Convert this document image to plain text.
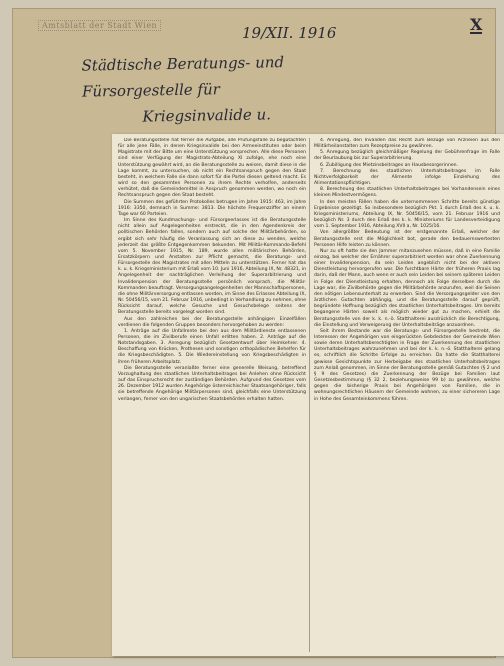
Amtsblatt der Stadt Wien	19/XII. 1916	X
Städtische Beratungs- und Fürsorgestelle für
Kriegsinvalide u.

Die Beratungsstelle hat ferner die Aufgabe, alle Prüfungsfälle zu begutachten für alle jene Fälle, in denen Kriegsinvalide bei den Armeeinstituten oder beim Magistrate mit der Bitte um eine Unterstützung vorsprechen. Alle diese Personen sind einer Verfügung der Magistrats-Abteilung XI zufolge, ehe noch eine Unterstützung gewährt wird, an die Beratungsstelle zu weisen, damit diese in die Lage kommt, zu untersuchen, ob nicht ein Rechtsanspruch gegen den Staat besteht, in welchem Falle sie dann sofort für die Partei diesen geltend macht. Es wird so den gesammten Personen zu ihrem Rechte verholfen, anderseits verhütet, daß die Gemeindemittel in Anspruch genommen werden, wo noch ein Rechtsanspruch gegen den Staat besteht.

Die Summen des geführten Protokolles betrugen im Jahre 1915: 463, im Jahre 1916: 3350, demnach in Summe: 3813. Die höchste Frequenzziffer an einem Tage war 60 Parteien.

Im Sinne des Kundmachungs- und Fürsorgeerlasses ist die Beratungsstelle nicht allein auf Angelegenheiten erstreckt, die in den Agendenkreis der politischen Behörden fallen, sondern auch auf solche der Militärbehörden, so ergibt sich sehr häufig die Veranlassung sich an diese zu wenden, welche jederzeit das größte Entgegenkommen bekunden. Mit Militär-Kommando-Befehl vom 5. November 1915, Nr. 189, wurde allen militärischen Behörden, Ersatzkörpern und Anstalten zur Pflicht gemacht, die Beratungs- und Fürsorgestelle des Magistrates mit allen Mitteln zu unterstützen. Ferner hat das k. u. k. Kriegsministerium mit Erlaß vom 10. Juni 1916, Abteilung IX, Nr. 48321, in Angelegenheit der nachträglichen Verleihung der Superarbitrierung und Invalidenpension der Beratungsstelle persönlich vorsprach, die Militär-Kommanden beauftragt. Versorgungsangelegenheiten der Mannschaftspersonen, die ohne Militärversorgung entlassen worden, im Sinne des Erlasses Abteilung IX, Nr. 50456/15, vom 21. Februar 1916, unbedingt in Verhandlung zu nehmen, ohne Rücksicht darauf, welche Gesuche und Gesuchsbelege seitens der Beratungsstelle bereits vorgelegt worden sind.

Aus den zahlreichen bei der Beratungsstelle anhängigen Einzelfällen verdienen die folgenden Gruppen besonders hervorgehoben zu werden:

1. Anträge auf die Unfallrente bei den aus dem Militärdienste entlassenen Personen, die im Zivilberufe einen Unfall erlitten haben. 2. Anträge auf die Notstandsgaben. 3. Anregung bezüglich Gesetzentwurf über Heimkehrer. 4. Beschaffung von Krücken, Prothesen und sonstigen orthopädischen Behelfen für die Kriegsbeschädigten. 5. Die Wiedereinstellung von Kriegsbeschädigten in ihren früheren Arbeitsplatz.

Die Beratungsstelle veranlaßte ferner eine generelle Weisung, betreffend Vorzughaltung des staatlichen Unterhaltsbeitrages bei Anlehen ohne Rücksicht auf das Einspruchsrecht der zuständigen Behörden. Aufgrund des Gesetzes vom 26. Dezember 1912 wurden Angehörige österreichischer Staatsangehöriger, falls sie betreffende Angehörige Militärpersonen sind, gleichfalls eine Unterstützung verlangen, ferner von den ungarischen Staatsbehörden erhalten hatten.

4. Anregung, den Invaliden das Recht zum Bezuge von Arzneien aus den Militärheilanstalten zum Rezeptpreise zu gewähren.

5. Anregung bezüglich gleichmäßiger Regelung der Gebührenfrage im Falle der Beurlaubung bis zur Superarbitrierung.

6. Zubilligung des Mietzinsbeitrages an Hausbesorgerinnen.

7. Berechnung des staatlichen Unterhaltsbeitrages im Falle Nichtverfolgbarkeit der Alimente infolge Einziehung des Alimentationspflichtigen.

8. Berechnung des staatlichen Unterhaltsbeitrages bei Vorhandensein eines kleinen Mindestvermögens.

In den meisten Fällen haben die unternommenen Schritte bereits günstige Ergebnisse gezeitigt. So insbesondere bezüglich Pkt. 1 durch Erlaß des k. u. k. Kriegsministeriums, Abteilung IX, Nr. 50456/15, vom 21. Februar 1916 und bezüglich Nr. 3 durch den Erlaß des k. k. Ministeriums für Landesverteidigung vom 1. September 1916, Abteilung XVII a, Nr. 1025/16.

Von allergrößter Bedeutung ist der erstgenannte Erlaß, welcher der Beratungsstelle erst die Möglichkeit bot, gerade den bedauernswertesten Personen Hilfe leisten zu können.

Nur zu oft hatte sie den Jammer mitanzusehen müssen, daß in eine Familie einzog, bei welcher der Ernährer superarbitriert worden war ohne Zuerkennung einer Invalidenpension, da sein Leiden angeblich nicht bei der aktiven Dienstleistung hervorgerufen war. Die furchtbare Härte der früheren Praxis lag darin, daß der Mann, auch wenn er auch sein Leiden bei seinem späteren Leiden in Folge der Dienstleistung erhalten, dennoch als Folge derselben durch die Lage war, die Zivilbehörde gegen die Militärbehörde anzurufen, weil die Seinen den nötigen Lebensunterhalt zu erwerben. Sind die Versorgungsgelder von den ärztlichen Gutachten abhängig, und die Beratungsstelle darauf geprüft, begründete Hoffnung bezüglich des staatlichen Unterhaltsbeitrages. Um bereits begangene Härten soweit als möglich wieder gut zu machen, erhielt die Beratungsstelle von der k. k. n.-ö. Statthalterei ausdrücklich die Berechtigung, die Einstellung und Verweigerung der Unterhaltsbeiträge anzuordnen.

Seit ihrem Bestande war die Beratungs- und Fürsorgestelle bestrebt, die Interessen der Angehörigen von eingerückten Gebdeckten der Gemeinde Wien sowie deren Unterhaltsberechtigten in Frage der Zuerkennung des staatlichen Unterhaltsbeitrages wahrzunehmen und bei der k. k. n.-ö. Statthalterei gelang es, schriftlich die Schritte Erfolge zu erreichen. Da hatte die Statthalterei gewisse Gesichtspunkte zur Herbeigabe des staatlichen Unterhaltsbeitrages zum Anlaß genommen, im Sinne der Beratungsstelle gemäß Gutachten (§ 2 und § 9 des Gesetzes) die Zuerkennung der Bezüge bei Familien laut Gesetzesbestimmung (§ 32 2, beziehungsweise 99 b) zu gewähren, welche gegen die bisherige Praxis bei Angehörigen von Familien, die in wohnungsrechtlichen Häusern der Gemeinde wohnen, zu einer sichereren Lage in Hohe des Gesamteinkommens führen.
